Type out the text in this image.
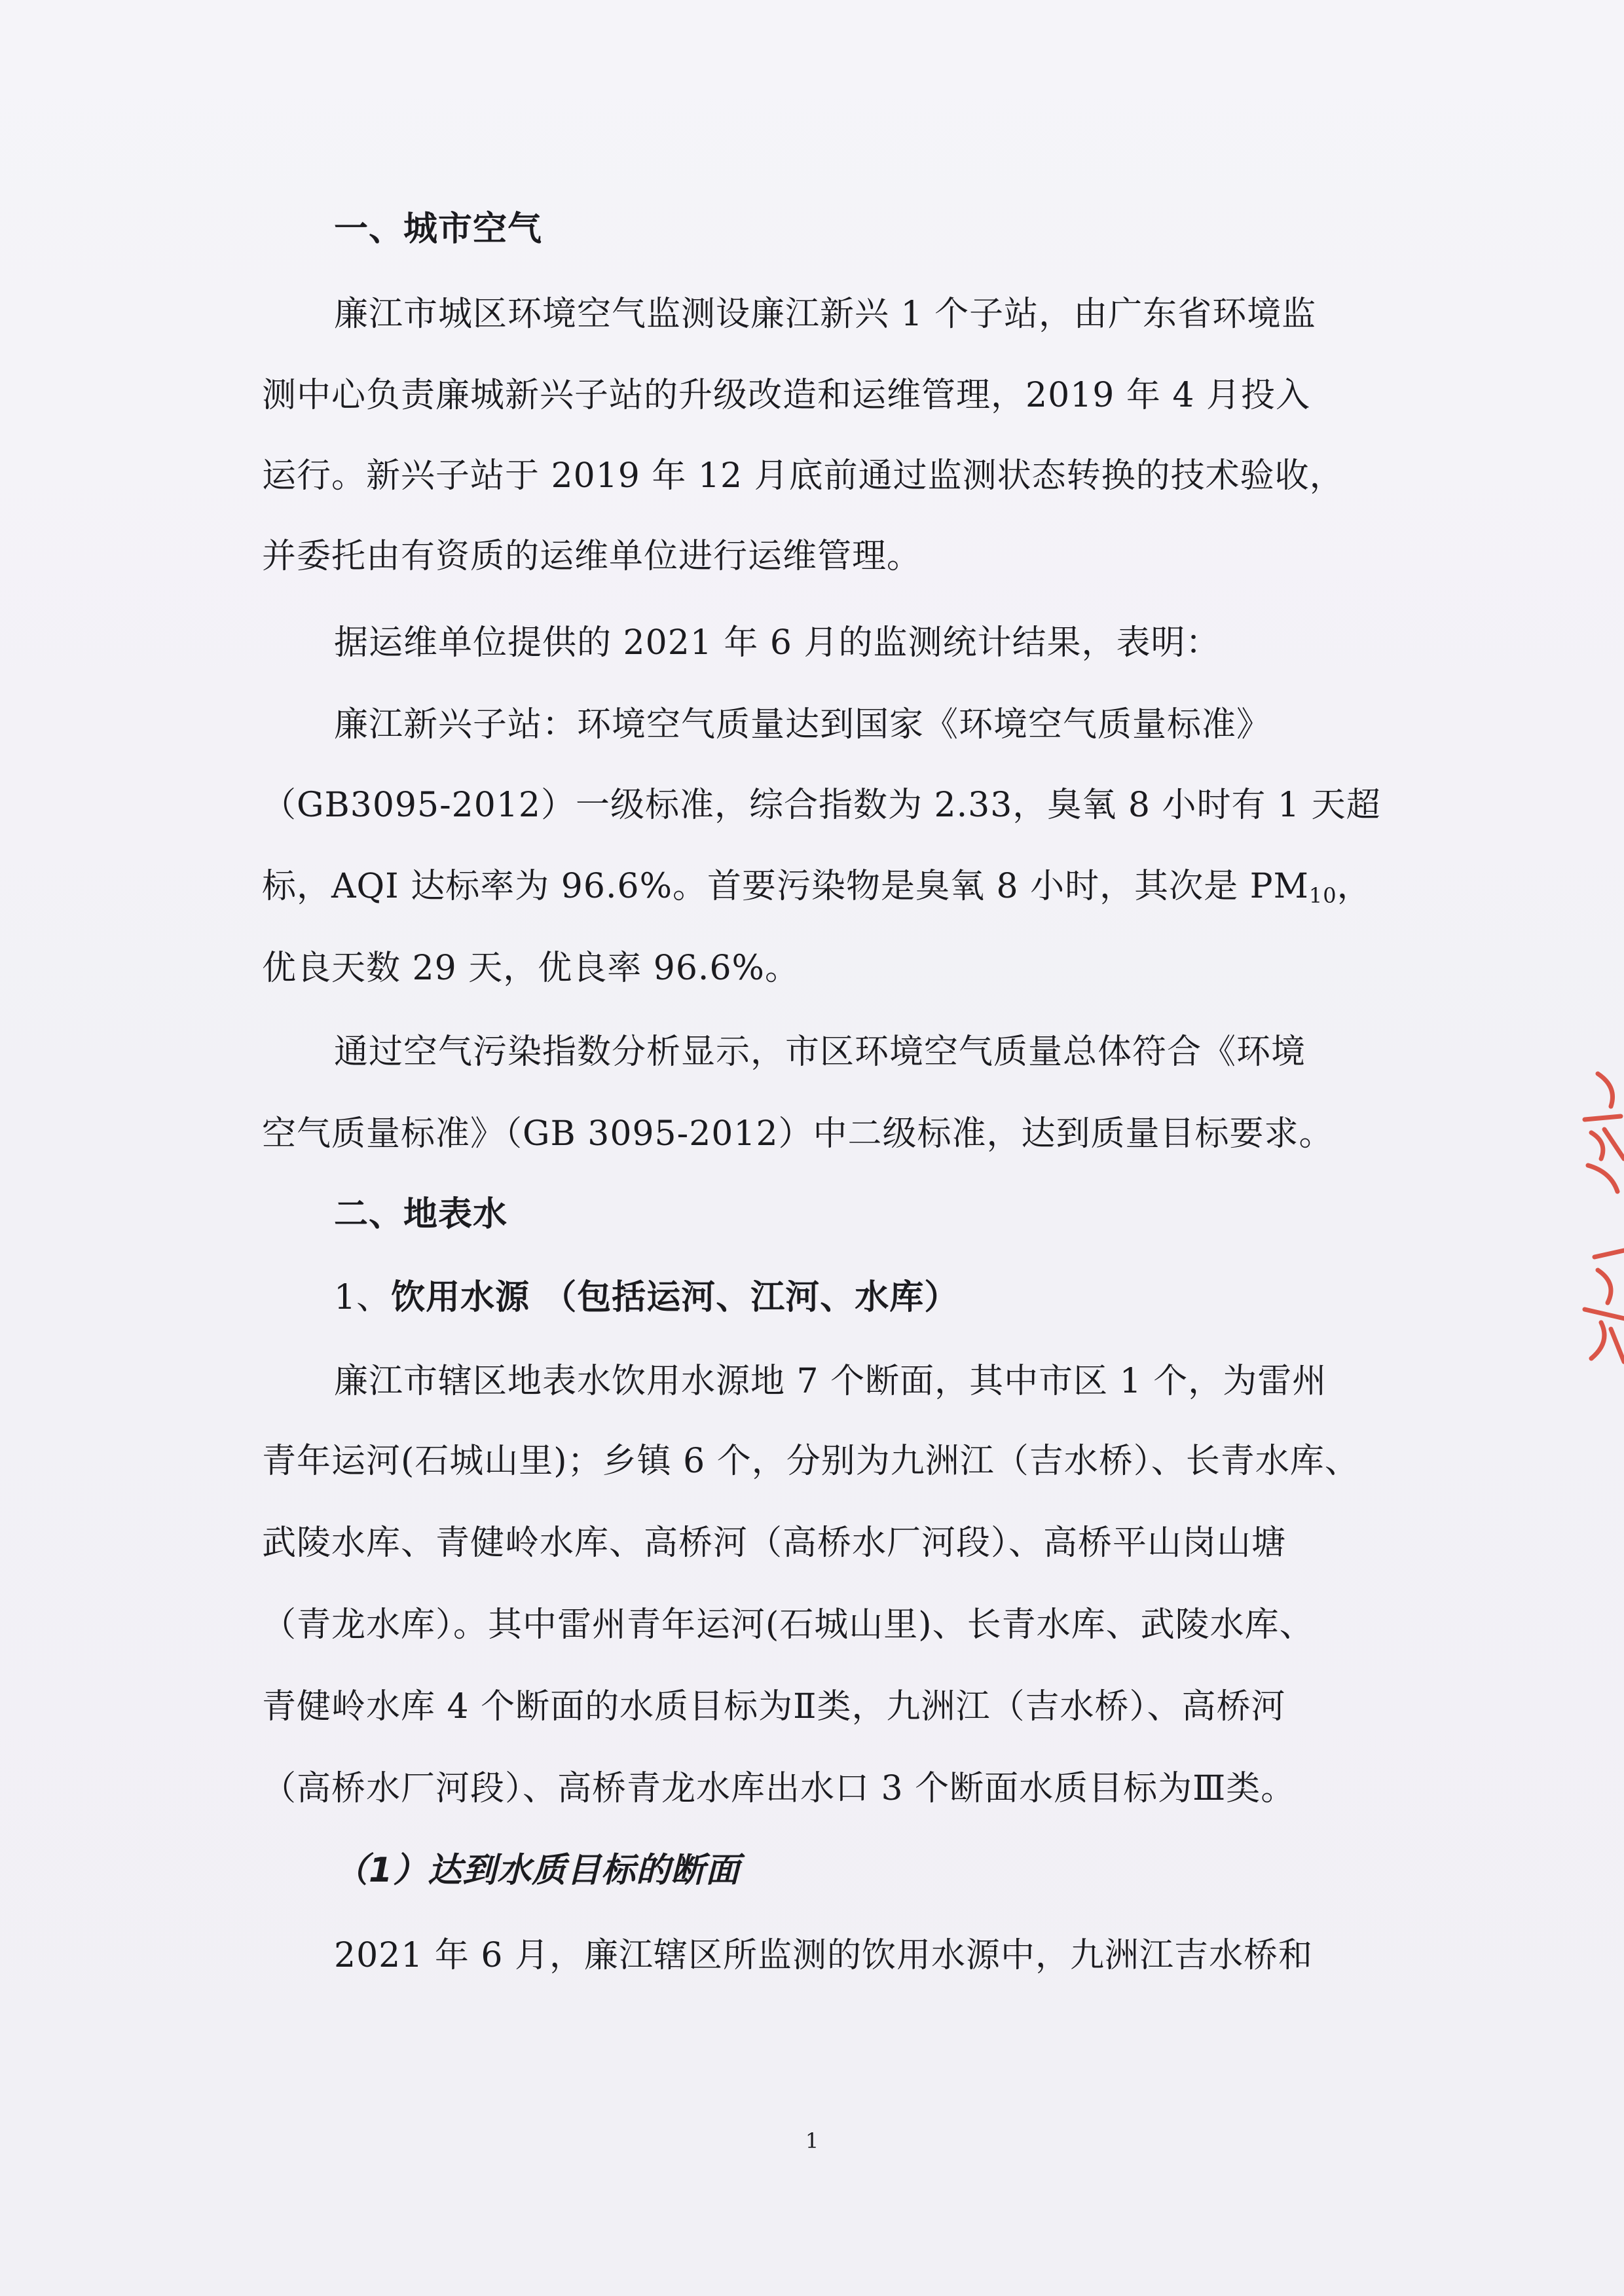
一、城市空气
廉江市城区环境空气监测设廉江新兴 1 个子站，由广东省环境监
测中心负责廉城新兴子站的升级改造和运维管理，2019 年 4 月投入
运行。新兴子站于 2019 年 12 月底前通过监测状态转换的技术验收，
并委托由有资质的运维单位进行运维管理。
据运维单位提供的 2021 年 6 月的监测统计结果，表明：
廉江新兴子站：环境空气质量达到国家《环境空气质量标准》
（GB3095-2012）一级标准，综合指数为 2.33，臭氧 8 小时有 1 天超
标，AQI 达标率为 96.6%。首要污染物是臭氧 8 小时，其次是 $PM_{10}$，
优良天数 29 天，优良率 96.6%。
通过空气污染指数分析显示，市区环境空气质量总体符合《环境
空气质量标准》（GB 3095-2012）中二级标准，达到质量目标要求。
二、地表水
1、饮用水源 （包括运河、江河、水库）
廉江市辖区地表水饮用水源地 7 个断面，其中市区 1 个，为雷州
青年运河(石城山里)；乡镇 6 个，分别为九洲江（吉水桥）、长青水库、
武陵水库、青健岭水库、高桥河（高桥水厂河段）、高桥平山岗山塘
（青龙水库）。其中雷州青年运河(石城山里)、长青水库、武陵水库、
青健岭水库 4 个断面的水质目标为Ⅱ类，九洲江（吉水桥）、高桥河
（高桥水厂河段）、高桥青龙水库出水口 3 个断面水质目标为Ⅲ类。
（1）达到水质目标的断面
2021 年 6 月，廉江辖区所监测的饮用水源中，九洲江吉水桥和
1
